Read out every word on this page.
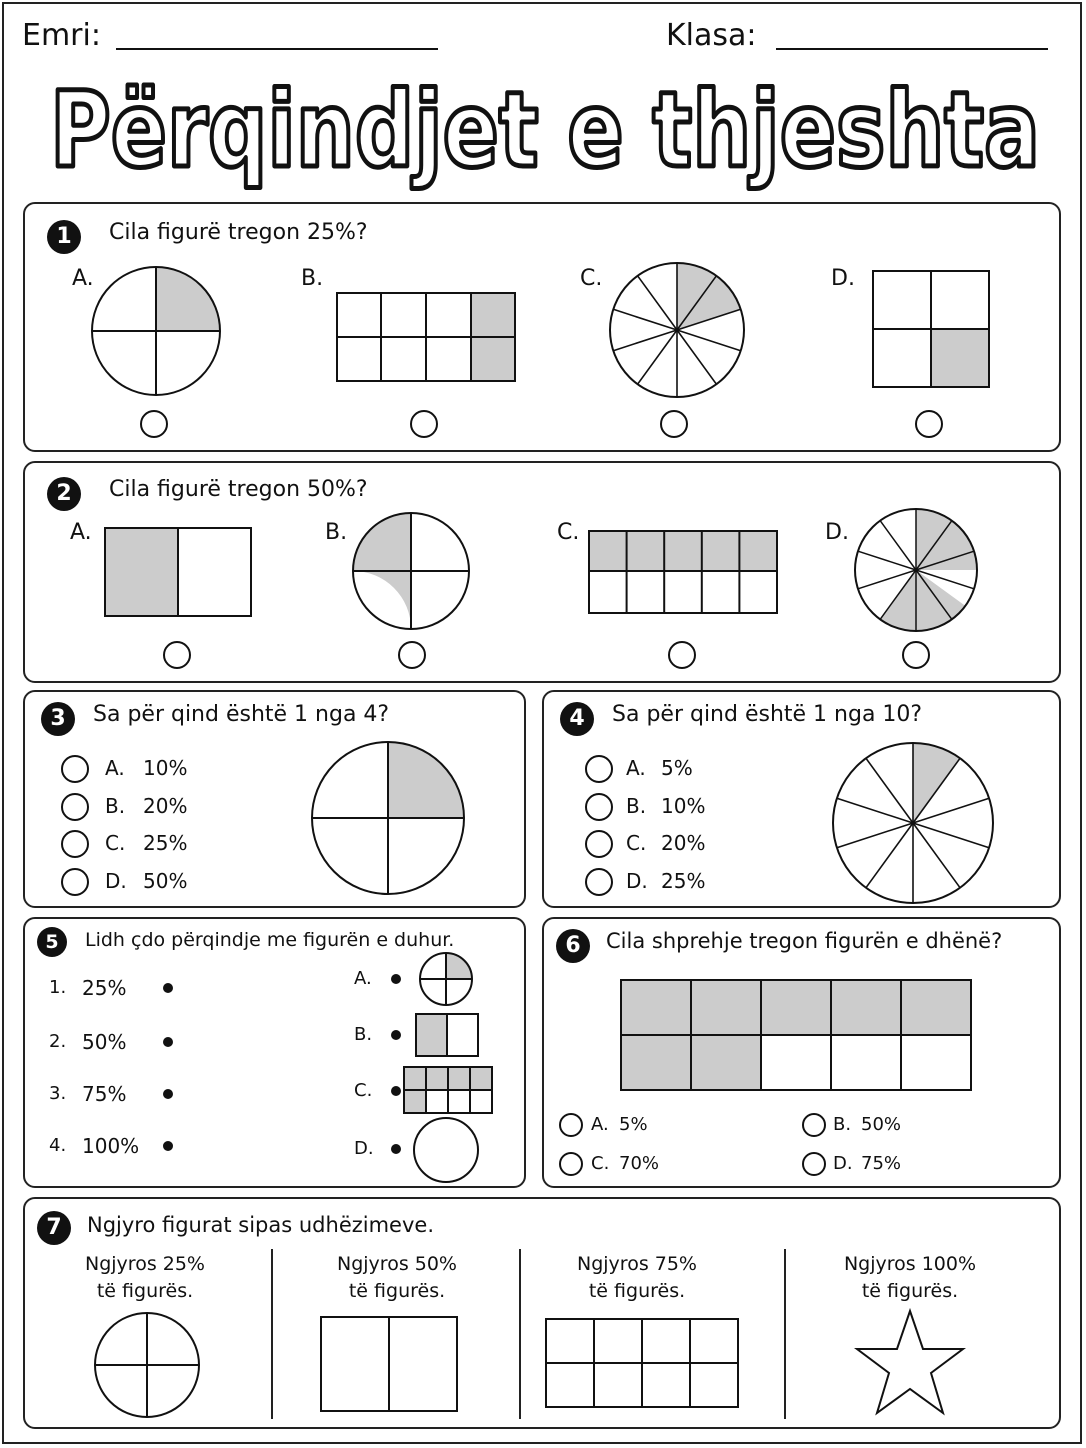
Emri:	Klasa:
Përqindjet e thjeshta
1	Cila figurë tregon 25%?
A.	B.	C.	D.
2	Cila figurë tregon 50%?
A.	B.	C.	D.
3	Sa për qind është 1 nga 4?
A. 10%
B. 20%
C. 25%
D. 50%
4	Sa për qind është 1 nga 10?
A. 5%
B. 10%
C. 20%
D. 25%
5	Lidh çdo përqindje me figurën e duhur.
1. 25%
2. 50%
3. 75%
4. 100%
A.
B.
C.
D.
6	Cila shprehje tregon figurën e dhënë?
A. 5%	B. 50%
C. 70%	D. 75%
7	Ngjyro figurat sipas udhëzimeve.
Ngjyros 25%
të figurës.
Ngjyros 50%
të figurës.
Ngjyros 75%
të figurës.
Ngjyros 100%
të figurës.
